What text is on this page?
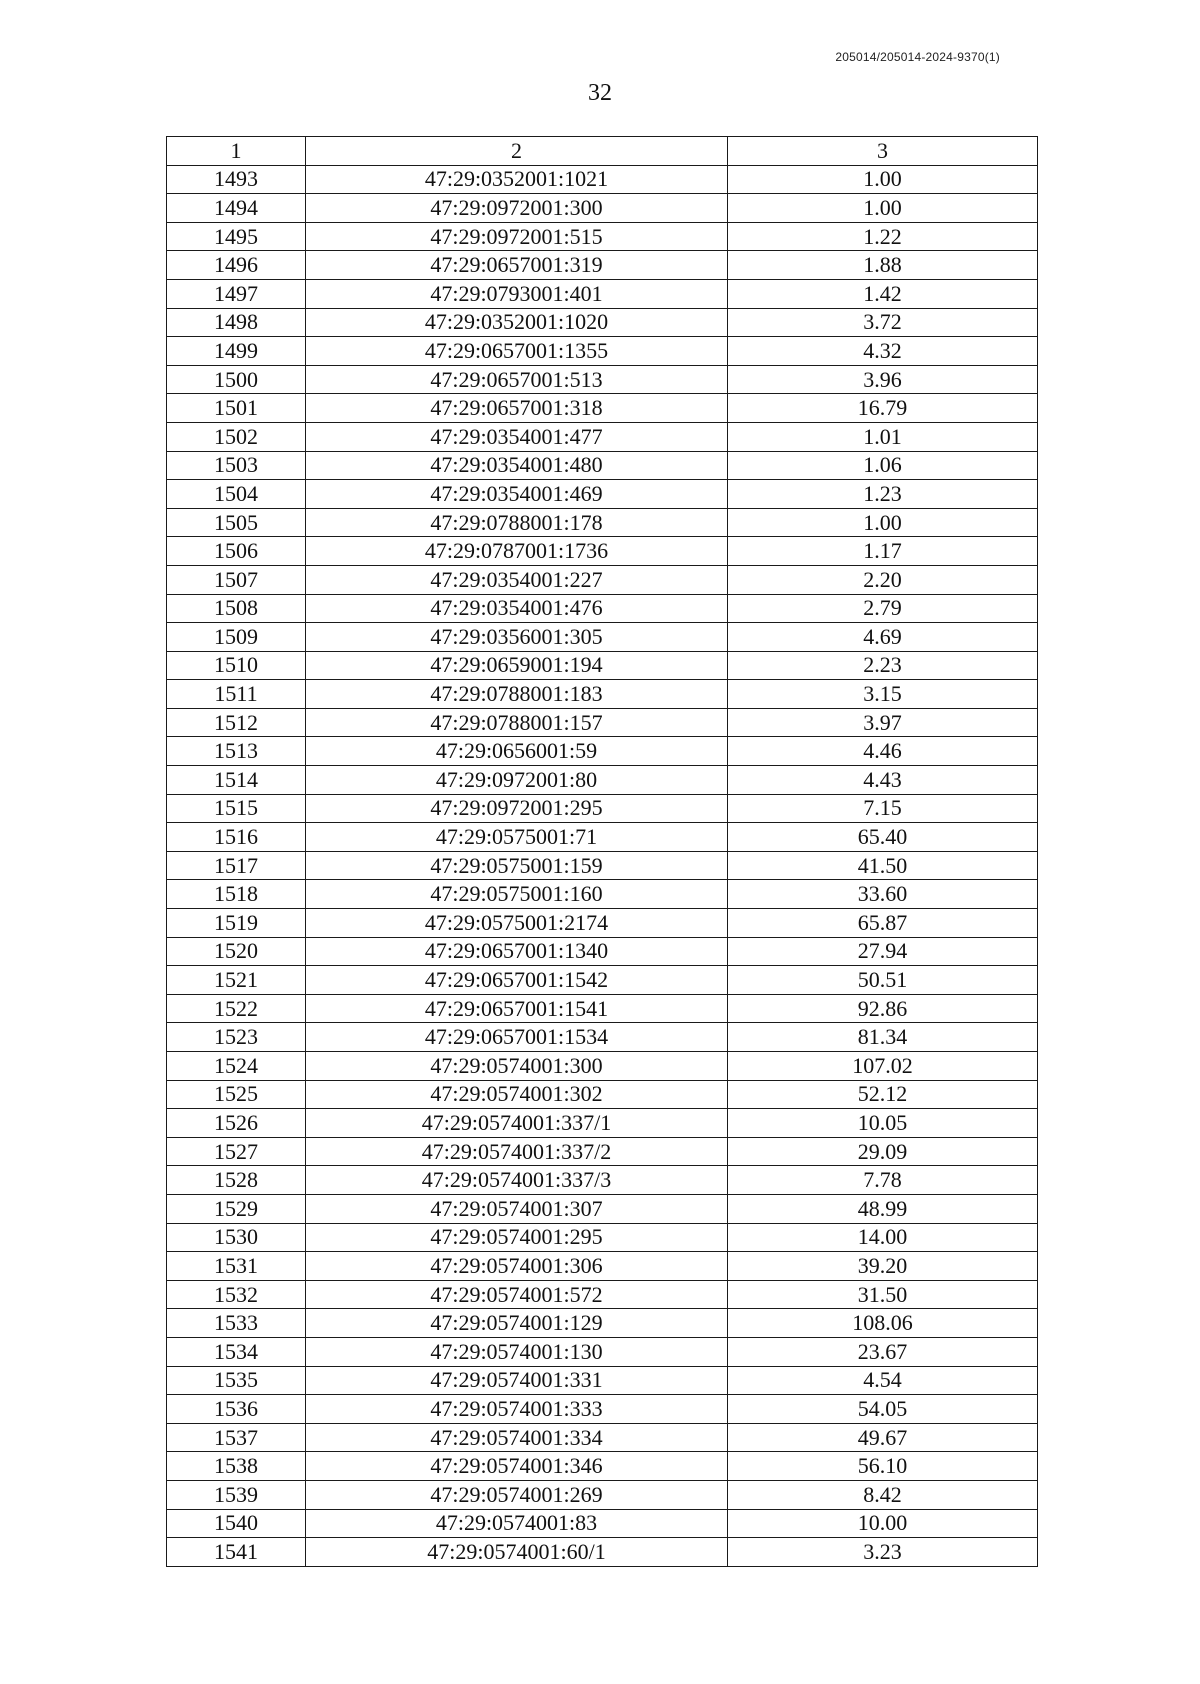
205014/205014-2024-9370(1)
32
1	2	3
1493	47:29:0352001:1021	1.00
1494	47:29:0972001:300	1.00
1495	47:29:0972001:515	1.22
1496	47:29:0657001:319	1.88
1497	47:29:0793001:401	1.42
1498	47:29:0352001:1020	3.72
1499	47:29:0657001:1355	4.32
1500	47:29:0657001:513	3.96
1501	47:29:0657001:318	16.79
1502	47:29:0354001:477	1.01
1503	47:29:0354001:480	1.06
1504	47:29:0354001:469	1.23
1505	47:29:0788001:178	1.00
1506	47:29:0787001:1736	1.17
1507	47:29:0354001:227	2.20
1508	47:29:0354001:476	2.79
1509	47:29:0356001:305	4.69
1510	47:29:0659001:194	2.23
1511	47:29:0788001:183	3.15
1512	47:29:0788001:157	3.97
1513	47:29:0656001:59	4.46
1514	47:29:0972001:80	4.43
1515	47:29:0972001:295	7.15
1516	47:29:0575001:71	65.40
1517	47:29:0575001:159	41.50
1518	47:29:0575001:160	33.60
1519	47:29:0575001:2174	65.87
1520	47:29:0657001:1340	27.94
1521	47:29:0657001:1542	50.51
1522	47:29:0657001:1541	92.86
1523	47:29:0657001:1534	81.34
1524	47:29:0574001:300	107.02
1525	47:29:0574001:302	52.12
1526	47:29:0574001:337/1	10.05
1527	47:29:0574001:337/2	29.09
1528	47:29:0574001:337/3	7.78
1529	47:29:0574001:307	48.99
1530	47:29:0574001:295	14.00
1531	47:29:0574001:306	39.20
1532	47:29:0574001:572	31.50
1533	47:29:0574001:129	108.06
1534	47:29:0574001:130	23.67
1535	47:29:0574001:331	4.54
1536	47:29:0574001:333	54.05
1537	47:29:0574001:334	49.67
1538	47:29:0574001:346	56.10
1539	47:29:0574001:269	8.42
1540	47:29:0574001:83	10.00
1541	47:29:0574001:60/1	3.23
